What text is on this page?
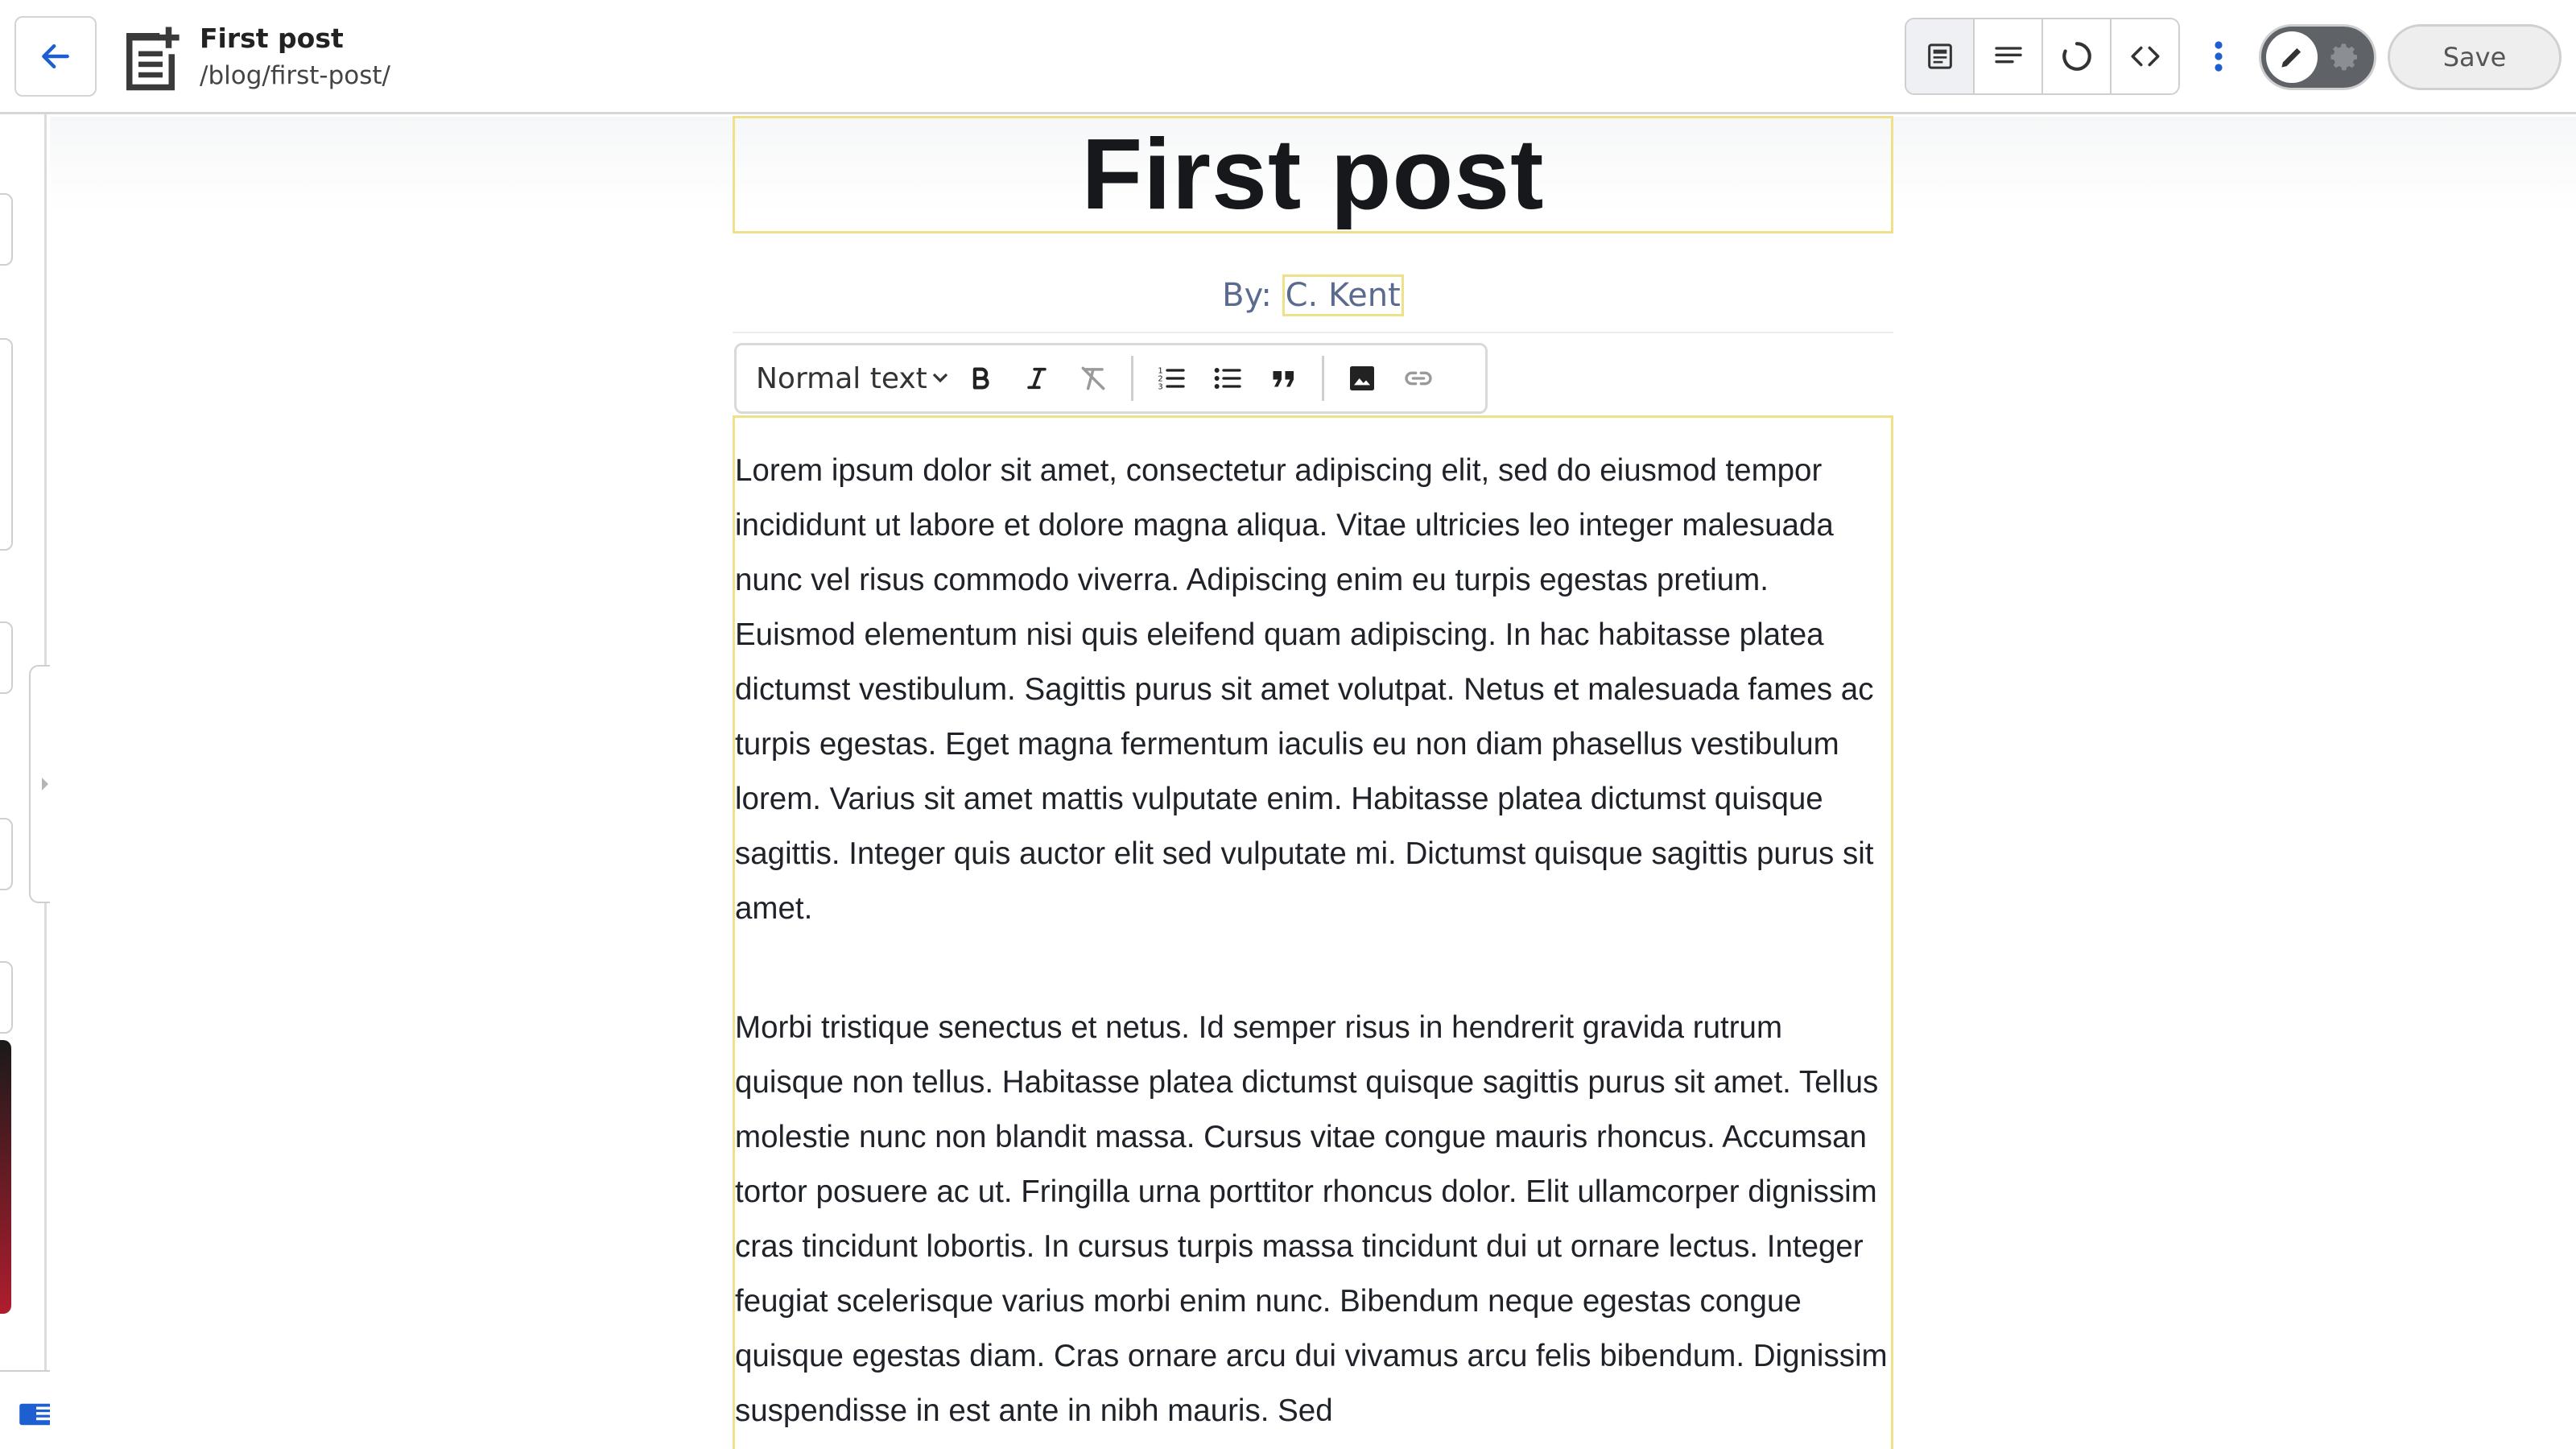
First post
/blog/first-post/
Save
First post
By: C. Kent
Normal text	1
2
3

Lorem ipsum dolor sit amet, consectetur adipiscing elit, sed do eiusmod tempor incididunt ut labore et dolore magna aliqua. Vitae ultricies leo integer malesuada nunc vel risus commodo viverra. Adipiscing enim eu turpis egestas pretium. Euismod elementum nisi quis eleifend quam adipiscing. In hac habitasse platea dictumst vestibulum. Sagittis purus sit amet volutpat. Netus et malesuada fames ac turpis egestas. Eget magna fermentum iaculis eu non diam phasellus vestibulum lorem. Varius sit amet mattis vulputate enim. Habitasse platea dictumst quisque sagittis. Integer quis auctor elit sed vulputate mi. Dictumst quisque sagittis purus sit amet.

Morbi tristique senectus et netus. Id semper risus in hendrerit gravida rutrum quisque non tellus. Habitasse platea dictumst quisque sagittis purus sit amet. Tellus molestie nunc non blandit massa. Cursus vitae congue mauris rhoncus. Accumsan tortor posuere ac ut. Fringilla urna porttitor rhoncus dolor. Elit ullamcorper dignissim cras tincidunt lobortis. In cursus turpis massa tincidunt dui ut ornare lectus. Integer feugiat scelerisque varius morbi enim nunc. Bibendum neque egestas congue quisque egestas diam. Cras ornare arcu dui vivamus arcu felis bibendum. Dignissim suspendisse in est ante in nibh mauris. Sed
